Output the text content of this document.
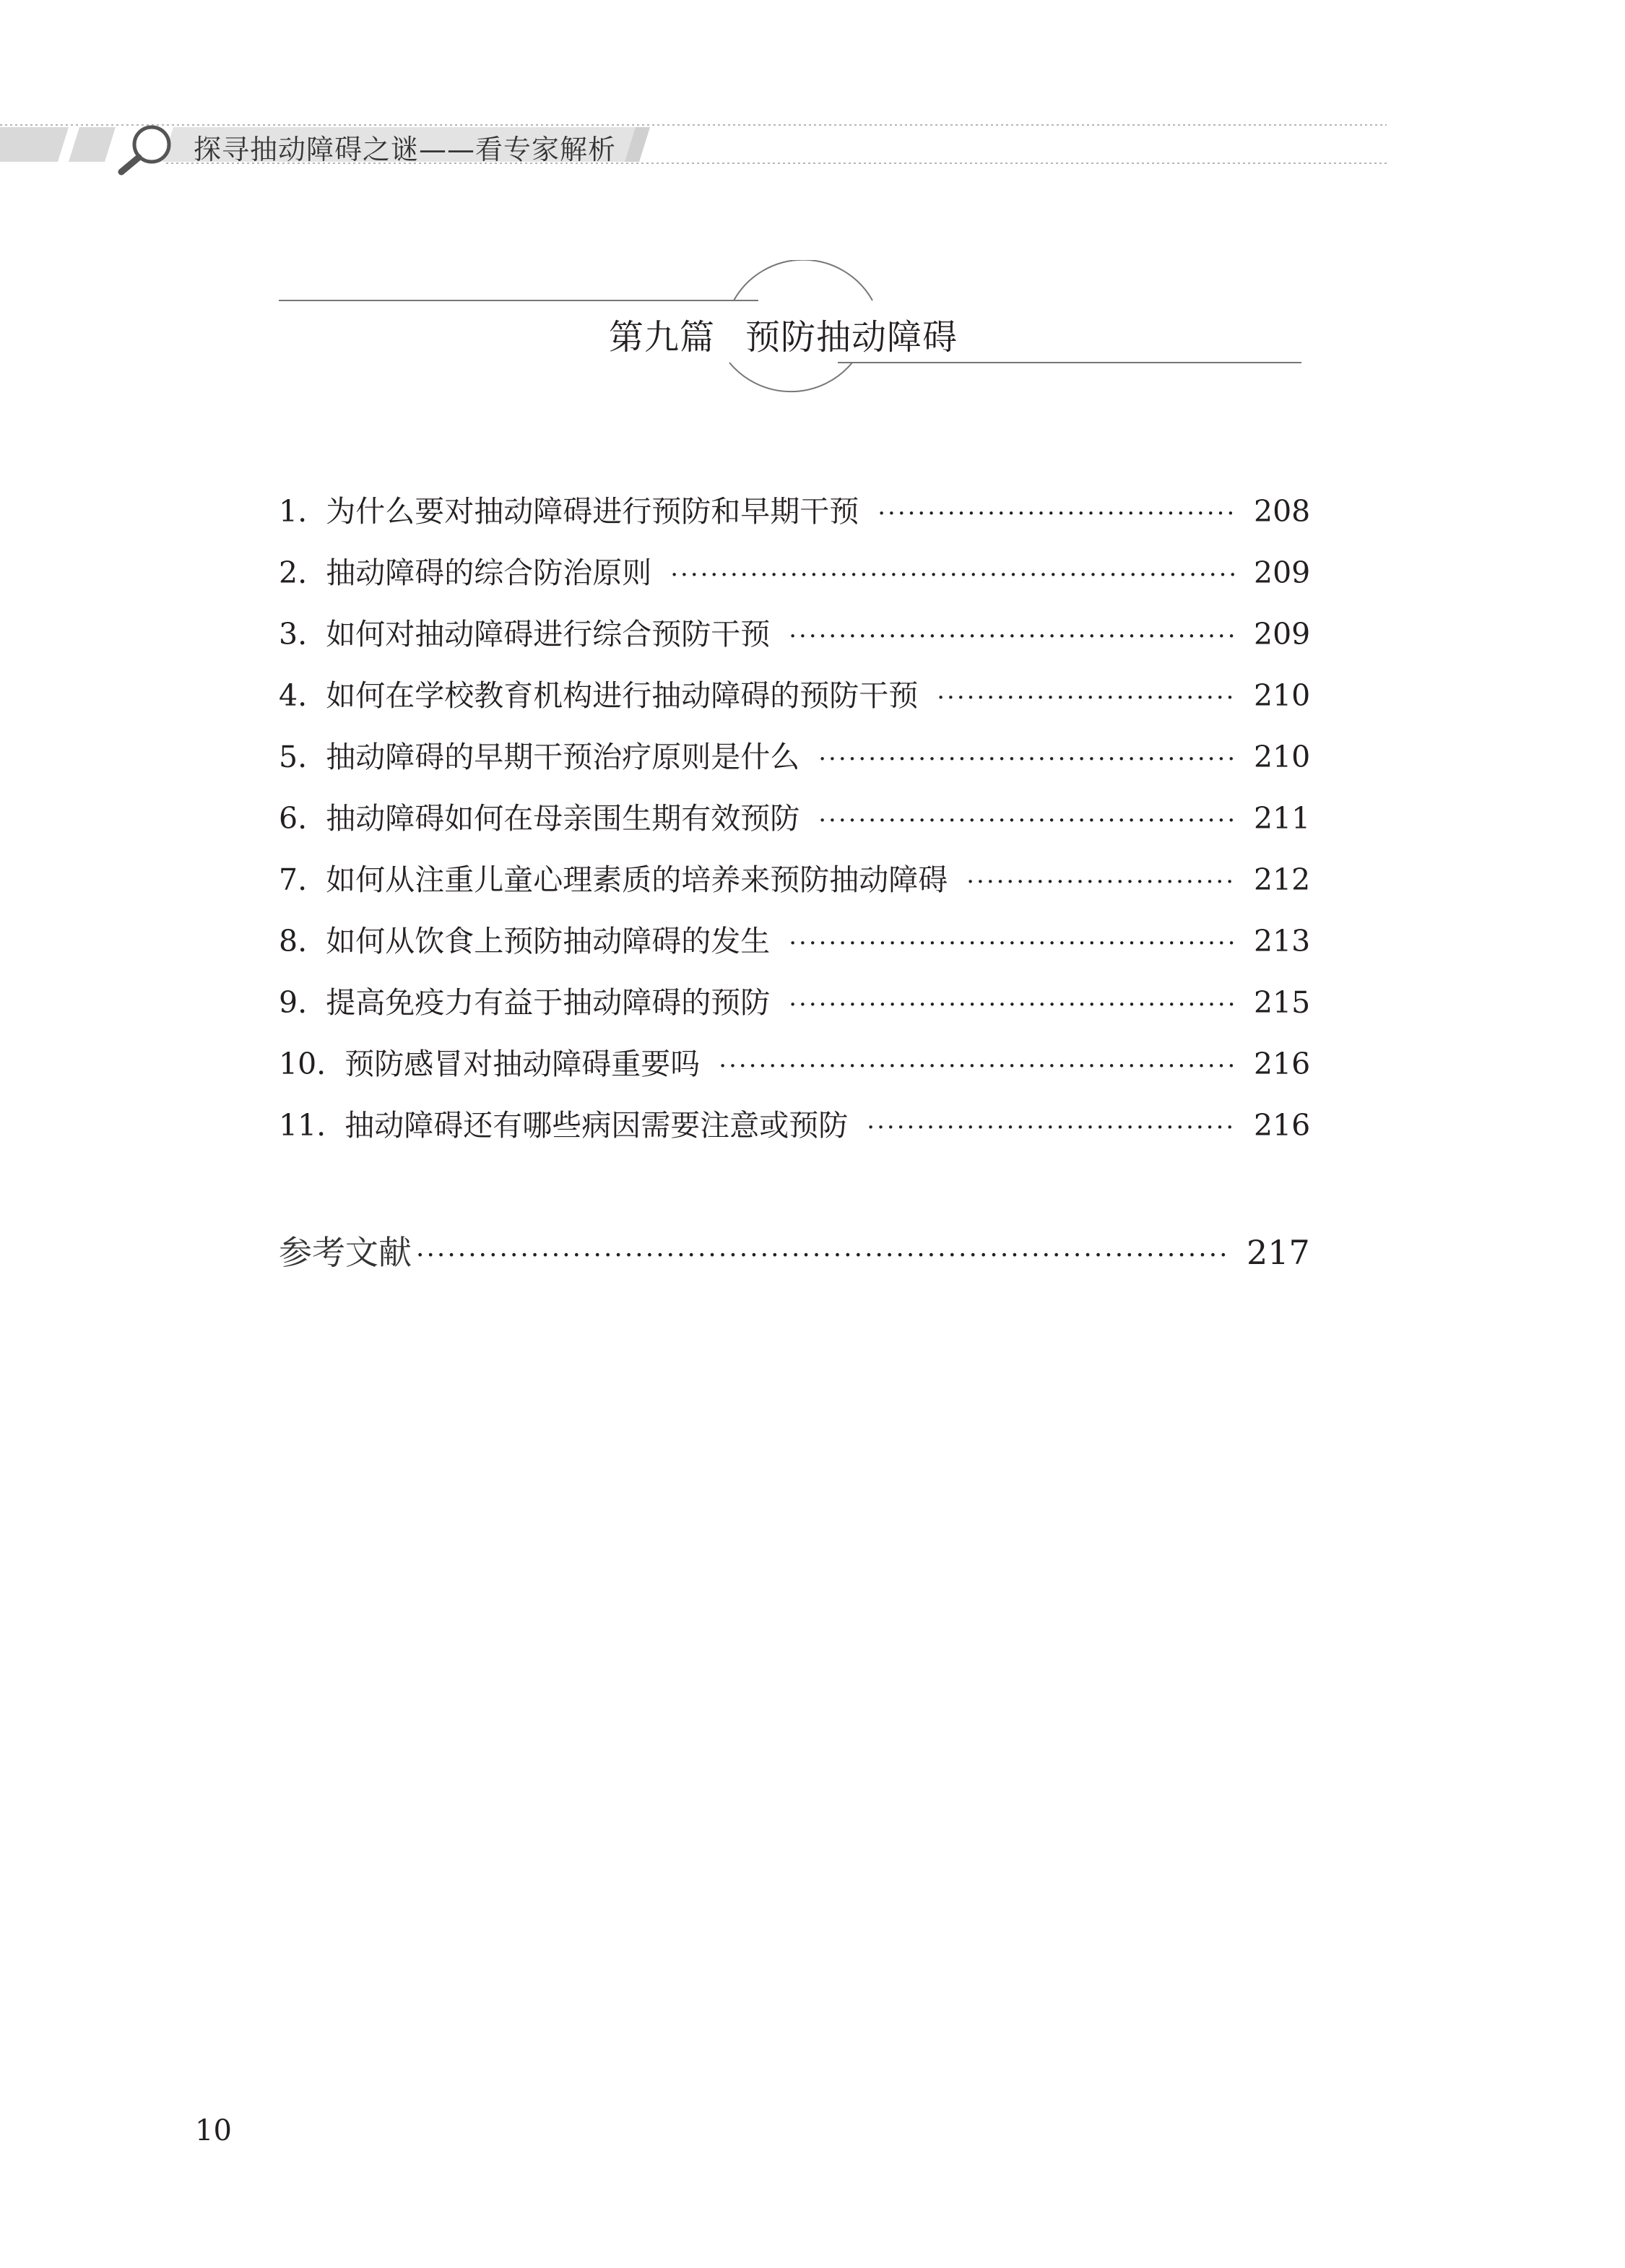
探寻抽动障碍之谜——看专家解析
第九篇 预防抽动障碍
1.
为什么要对抽动障碍进行预防和早期干预 ·····	208
2.
抽动障碍的综合防治原则 ·····	209
3.
如何对抽动障碍进行综合预防干预 ·····	209
4.
如何在学校教育机构进行抽动障碍的预防干预 ·····	210
5.
抽动障碍的早期干预治疗原则是什么 ·····	210
6.
抽动障碍如何在母亲围生期有效预防 ·····	211
7.
如何从注重儿童心理素质的培养来预防抽动障碍 ·····	212
8.
如何从饮食上预防抽动障碍的发生 ·····	213
9.
提高免疫力有益于抽动障碍的预防 ·····	215
10.
预防感冒对抽动障碍重要吗 ·····	216
11.
抽动障碍还有哪些病因需要注意或预防 ·····	216
参考文献 ·····	217
10
